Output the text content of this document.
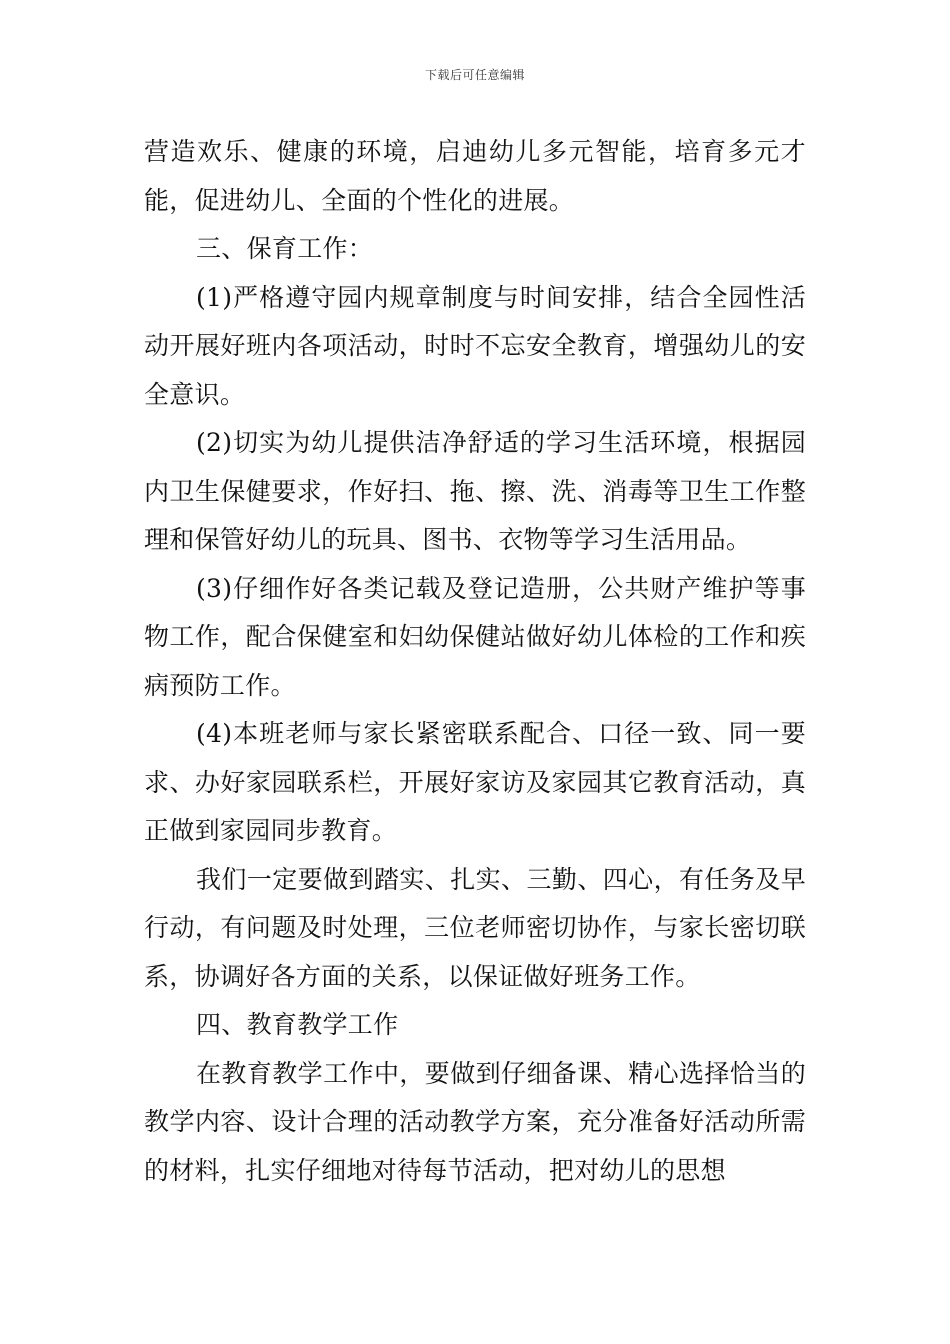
下载后可任意编辑

营造欢乐、健康的环境，启迪幼儿多元智能，培育多元才能，促进幼儿、全面的个性化的进展。

三、保育工作：

(1)严格遵守园内规章制度与时间安排，结合全园性活动开展好班内各项活动，时时不忘安全教育，增强幼儿的安全意识。

(2)切实为幼儿提供洁净舒适的学习生活环境，根据园内卫生保健要求，作好扫、拖、擦、洗、消毒等卫生工作整理和保管好幼儿的玩具、图书、衣物等学习生活用品。

(3)仔细作好各类记载及登记造册，公共财产维护等事物工作，配合保健室和妇幼保健站做好幼儿体检的工作和疾病预防工作。

(4)本班老师与家长紧密联系配合、口径一致、同一要求、办好家园联系栏，开展好家访及家园其它教育活动，真正做到家园同步教育。

我们一定要做到踏实、扎实、三勤、四心，有任务及早行动，有问题及时处理，三位老师密切协作，与家长密切联系，协调好各方面的关系，以保证做好班务工作。

四、教育教学工作

在教育教学工作中，要做到仔细备课、精心选择恰当的教学内容、设计合理的活动教学方案，充分准备好活动所需的材料，扎实仔细地对待每节活动，把对幼儿的思想
